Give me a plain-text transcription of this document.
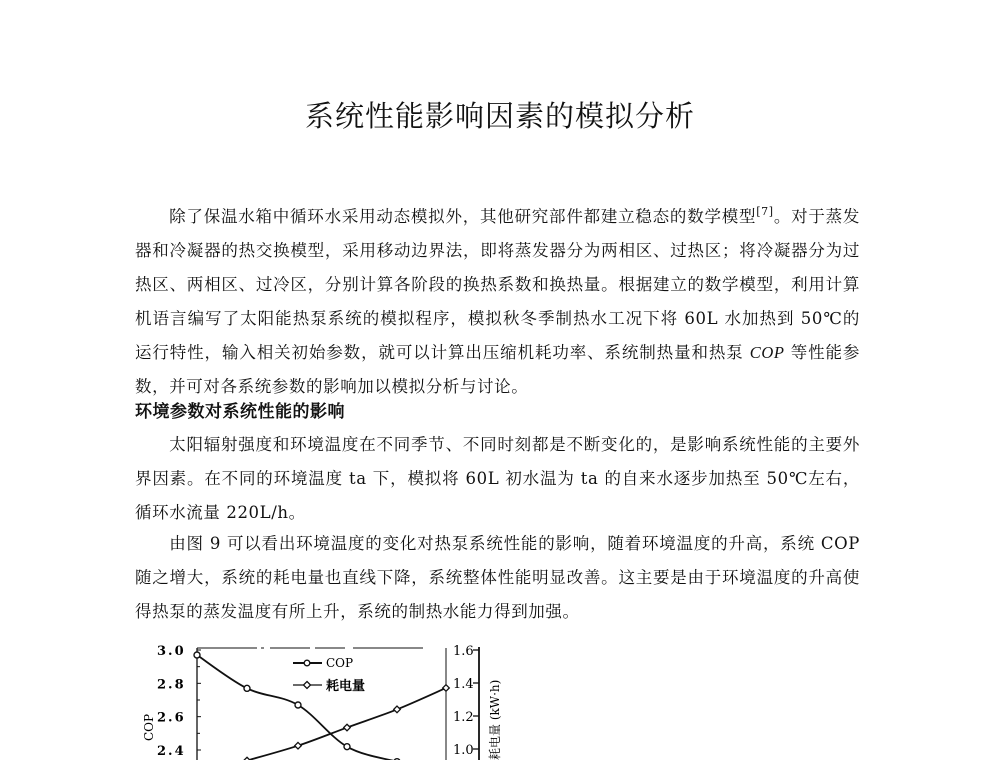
系统性能影响因素的模拟分析
除了保温水箱中循环水采用动态模拟外，其他研究部件都建立稳态的数学模型[7]。对于蒸发器和冷凝器的热交换模型，采用移动边界法，即将蒸发器分为两相区、过热区；将冷凝器分为过热区、两相区、过冷区，分别计算各阶段的换热系数和换热量。根据建立的数学模型，利用计算机语言编写了太阳能热泵系统的模拟程序，模拟秋冬季制热水工况下将 60L 水加热到 50℃的运行特性，输入相关初始参数，就可以计算出压缩机耗功率、系统制热量和热泵 COP 等性能参数，并可对各系统参数的影响加以模拟分析与讨论。
环境参数对系统性能的影响
太阳辐射强度和环境温度在不同季节、不同时刻都是不断变化的，是影响系统性能的主要外界因素。在不同的环境温度 ta 下，模拟将 60L 初水温为 ta 的自来水逐步加热至 50℃左右，循环水流量 220L/h。
由图 9 可以看出环境温度的变化对热泵系统性能的影响，随着环境温度的升高，系统 COP 随之增大，系统的耗电量也直线下降，系统整体性能明显改善。这主要是由于环境温度的升高使得热泵的蒸发温度有所上升，系统的制热水能力得到加强。
3.0
2.8
2.6
2.4
1.6
1.4
1.2
1.0
COP	耗电量 (kW·h)
COP
耗电量
